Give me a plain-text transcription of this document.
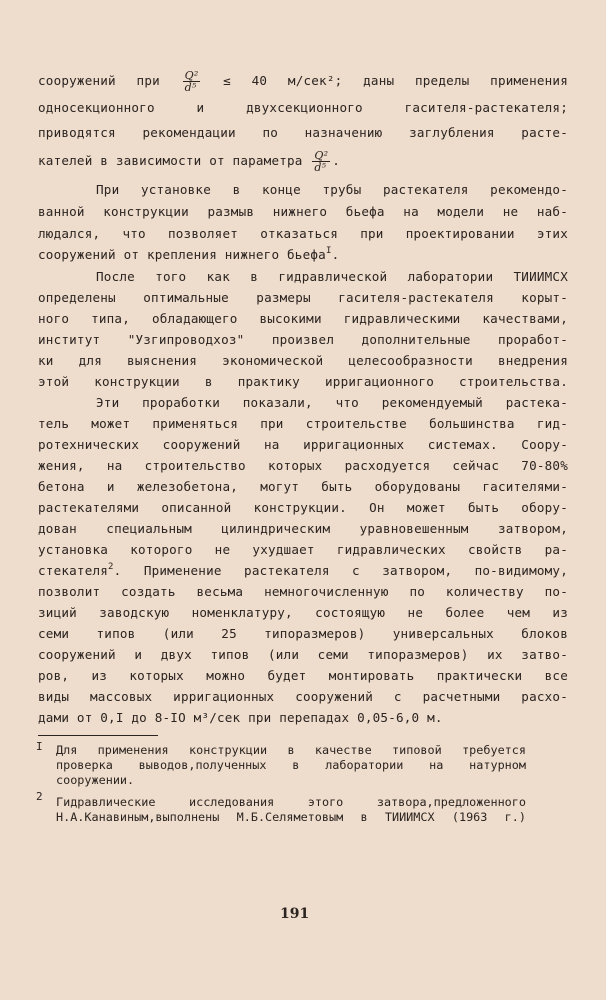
сооружений при $\frac{\text{Q²}}{\text{d⁵}} \le 40$ м/сек²; даны пределы применения
односекционного и двухсекционного гасителя-растекателя;
приводятся рекомендации по назначению заглубления расте-
кателей в зависимости от параметра $\frac{\text{Q²}}{\text{d⁵}}$ .
При установке в конце трубы растекателя рекомендо-
ванной конструкции размыв нижнего бьефа на модели не наб-
людался, что позволяет отказаться при проектировании этих
сооружений от крепления нижнего бьефа$^I$.
После того как в гидравлической лаборатории ТИИИМСХ
определены оптимальные размеры гасителя-растекателя корыт-
ного типа, обладающего высокими гидравлическими качествами,
институт "Узгипроводхоз" произвел дополнительные проработ-
ки для выяснения экономической целесообразности внедрения
этой конструкции в практику ирригационного строительства.
Эти проработки показали, что рекомендуемый растека-
тель может применяться при строительстве большинства гид-
ротехнических сооружений на ирригационных системах. Соору-
жения, на строительство которых расходуется сейчас 70-80%
бетона и железобетона, могут быть оборудованы гасителями-
растекателями описанной конструкции. Он может быть обору-
дован специальным цилиндрическим уравновешенным затвором,
установка которого не ухудшает гидравлических свойств ра-
стекателя$^2$. Применение растекателя с затвором, по-видимому,
позволит создать весьма немногочисленную по количеству по-
зиций заводскую номенклатуру, состоящую не более чем из
семи типов (или 25 типоразмеров) универсальных блоков
сооружений и двух типов (или семи типоразмеров) их затво-
ров, из которых можно будет монтировать практически все
виды массовых ирригационных сооружений с расчетными расхо-
дами от 0,I до 8-IO м³/сек при перепадах 0,05-6,0 м.
I Для применения конструкции в качестве типовой требуется
проверка выводов,полученных в лаборатории на натурном
сооружении.
2 Гидравлические исследования этого затвора,предложенного
Н.А.Канавиным,выполнены М.Б.Селяметовым в ТИИИМСХ (1963 г.)
191
